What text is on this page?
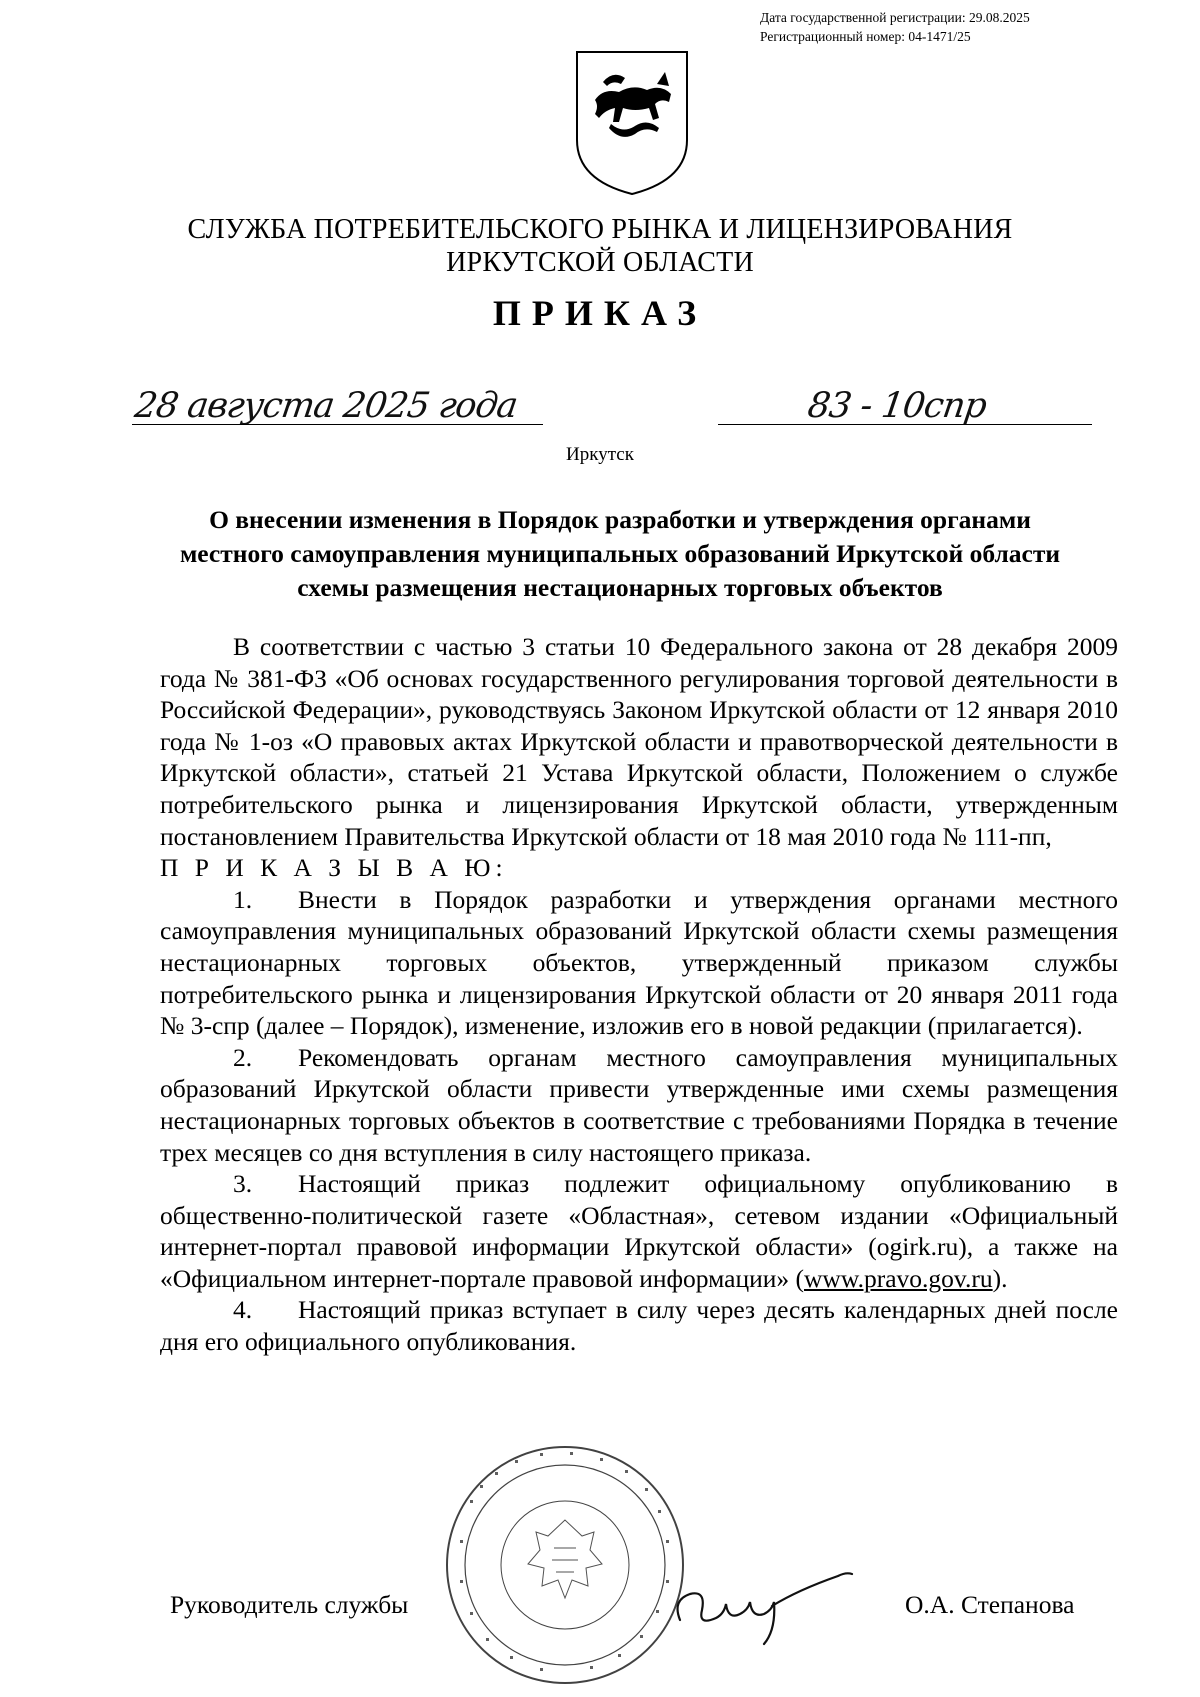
Дата государственной регистрации: 29.08.2025
Регистрационный номер: 04-1471/25
СЛУЖБА ПОТРЕБИТЕЛЬСКОГО РЫНКА И ЛИЦЕНЗИРОВАНИЯ
ИРКУТСКОЙ ОБЛАСТИ
ПРИКАЗ
28 августа 2025 года	83 - 10спр
Иркутск
О внесении изменения в Порядок разработки и утверждения органами местного самоуправления муниципальных образований Иркутской области схемы размещения нестационарных торговых объектов

В соответствии с частью 3 статьи 10 Федерального закона от 28 декабря 2009 года № 381-ФЗ «Об основах государственного регулирования торговой деятельности в Российской Федерации», руководствуясь Законом Иркутской области от 12 января 2010 года № 1-оз «О правовых актах Иркутской области и правотворческой деятельности в Иркутской области», статьей 21 Устава Иркутской области, Положением о службе потребительского рынка и лицензирования Иркутской области, утвержденным постановлением Правительства Иркутской области от 18 мая 2010 года № 111-пп,

П Р И К А З Ы В А Ю:

1. Внести в Порядок разработки и утверждения органами местного самоуправления муниципальных образований Иркутской области схемы размещения нестационарных торговых объектов, утвержденный приказом службы потребительского рынка и лицензирования Иркутской области от 20 января 2011 года № 3-спр (далее – Порядок), изменение, изложив его в новой редакции (прилагается).

2. Рекомендовать органам местного самоуправления муниципальных образований Иркутской области привести утвержденные ими схемы размещения нестационарных торговых объектов в соответствие с требованиями Порядка в течение трех месяцев со дня вступления в силу настоящего приказа.

3. Настоящий приказ подлежит официальному опубликованию в общественно-политической газете «Областная», сетевом издании «Официальный интернет-портал правовой информации Иркутской области» (ogirk.ru), а также на «Официальном интернет-портале правовой информации» (www.pravo.gov.ru).

4. Настоящий приказ вступает в силу через десять календарных дней после дня его официального опубликования.

Руководитель службы	О.А. Степанова
